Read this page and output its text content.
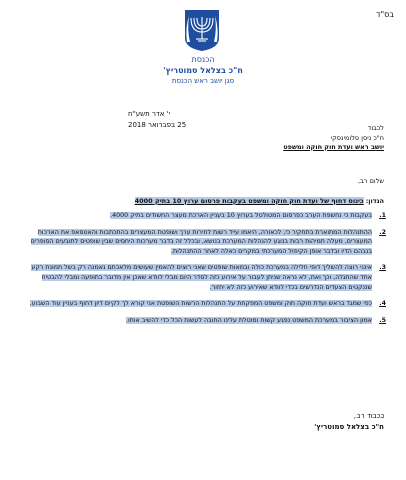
בס"ד
הכנסת
ח"כ בצלאל סמוטריץ'
סגן יושב ראש הכנסת
י' אדר תשע"ח
25 בפברואר 2018	לכבוד
ח"כ ניסן סלומינסקי
יושב ראש ועדת חוק חוקה ומשפט
שלום רב,
הנדון: כינוס דחוף של ועדת חוק חוקה ומשפט בעקבות פרסום ערוץ 10 בתיק 4000
1.
בעקבות כי נחשפת הערב כפרסום המטולטל בערוץ 10 בעניין הארכת מעצר החשודים בתיק 4000.
2.
ההתנהלות המתוארת בתחקיר כי, לכאורה, היאמו עייד רשות לחירות ערך ושופטת המעצרים בהתכתבות והאטסאפ את הארכות המעצרים, מעלה תמיהות רבות בנוגע להנהלות המערכת בנושא, ובכלל זה בדבר מערכות היחסים שבין שופטים לתובעים הסופרים בנבהם הדיו ובדבר אופן הקיפול המערכתי במקרים כאלה לאחר ההתנהלות.
3.
אינני רוצה להשליך דופי חלילה במערכת כולה ובמאות שופטים שאני רוצים להאמין שעושים מלאכתם נאמנה רק בשל תמונת רקע אחד שהתגלה, וכך ואת, לא נראה שניתן לעבור על אירוע כזה לסדר היום מבלי לוודא שאכן אין מדובר בתופעה ומבלי להבטיח שננקטים הצעדים הנדרשים בכדי לוודא שאירוע כזה לא יחזור.
4.
כפי שמגד בראש ועדת חוקה חוק ומשפט המפקחת על התנהלות הרשות השופטת אני קורא לך לקיים דיון דחוף בעניין עוד השבוע.
5.
אמון הציבור במערכת המשפט נפגע קשות ומוטלת עלינו החובה לעשות הכל כדי להשיב אותו.
בכבוד רב,
ח"כ בצלאל סמוטריץ'
